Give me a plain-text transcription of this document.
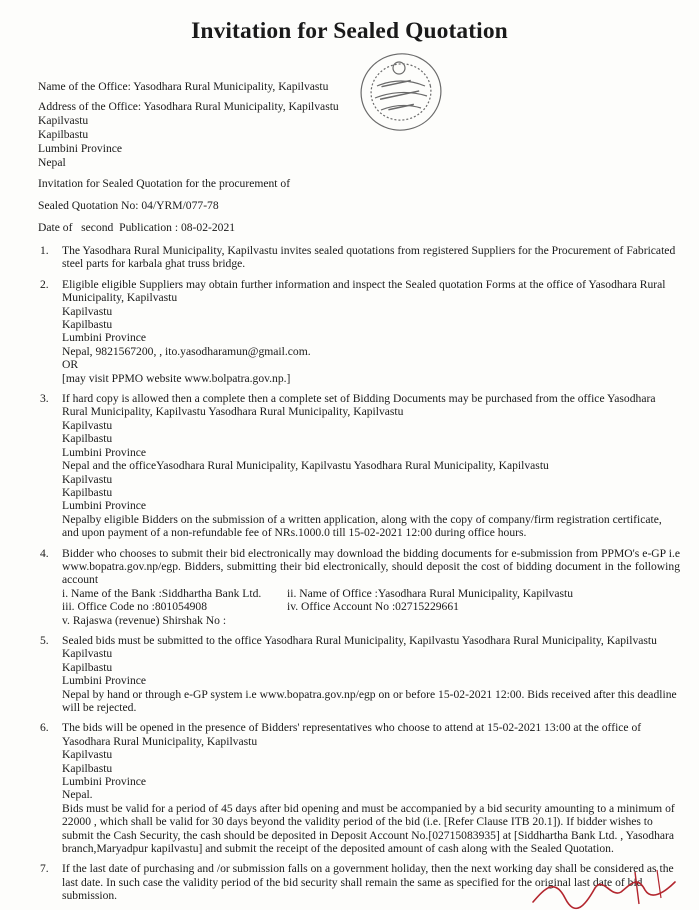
Invitation for Sealed Quotation
Name of the Office: Yasodhara Rural Municipality, Kapilvastu
Address of the Office: Yasodhara Rural Municipality, Kapilvastu
Kapilvastu
Kapilbastu
Lumbini Province
Nepal
Invitation for Sealed Quotation for the procurement of
Sealed Quotation No: 04/YRM/077-78
Date of   second  Publication : 08-02-2021
1.	The Yasodhara Rural Municipality, Kapilvastu invites sealed quotations from registered Suppliers for the Procurement of Fabricated steel parts for karbala ghat truss bridge.
2.	Eligible eligible Suppliers may obtain further information and inspect the Sealed quotation Forms at the office of Yasodhara Rural Municipality, Kapilvastu
Kapilvastu
Kapilbastu
Lumbini Province
Nepal, 9821567200, , ito.yasodharamun@gmail.com.
OR
[may visit PPMO website www.bolpatra.gov.np.]
3.	If hard copy is allowed then a complete then a complete set of Bidding Documents may be purchased from the office Yasodhara Rural Municipality, Kapilvastu Yasodhara Rural Municipality, Kapilvastu
Kapilvastu
Kapilbastu
Lumbini Province
Nepal and the officeYasodhara Rural Municipality, Kapilvastu Yasodhara Rural Municipality, Kapilvastu
Kapilvastu
Kapilbastu
Lumbini Province
Nepalby eligible Bidders on the submission of a written application, along with the copy of company/firm registration certificate, and upon payment of a non-refundable fee of NRs.1000.0 till 15-02-2021 12:00 during office hours.
4.	Bidder who chooses to submit their bid electronically may download the bidding documents for e-submission from PPMO's e-GP i.e www.bopatra.gov.np/egp. Bidders, submitting their bid electronically, should deposit the cost of bidding document in the following account
i. Name of the Bank :Siddhartha Bank Ltd.	ii. Name of Office :Yasodhara Rural Municipality, Kapilvastu
iii. Office Code no :801054908	iv. Office Account No :02715229661
v. Rajaswa (revenue) Shirshak No :
5.	Sealed bids must be submitted to the office Yasodhara Rural Municipality, Kapilvastu Yasodhara Rural Municipality, Kapilvastu
Kapilvastu
Kapilbastu
Lumbini Province
Nepal by hand or through e-GP system i.e www.bopatra.gov.np/egp on or before 15-02-2021 12:00. Bids received after this deadline will be rejected.
6.	The bids will be opened in the presence of Bidders' representatives who choose to attend at 15-02-2021 13:00 at the office of Yasodhara Rural Municipality, Kapilvastu
Kapilvastu
Kapilbastu
Lumbini Province
Nepal.
Bids must be valid for a period of 45 days after bid opening and must be accompanied by a bid security amounting to a minimum of 22000 , which shall be valid for 30 days beyond the validity period of the bid (i.e. [Refer Clause ITB 20.1]). If bidder wishes to submit the Cash Security, the cash should be deposited in Deposit Account No.[02715083935] at [Siddhartha Bank Ltd. , Yasodhara branch,Maryadpur kapilvastu] and submit the receipt of the deposited amount of cash along with the Sealed Quotation.
7.	If the last date of purchasing and /or submission falls on a government holiday, then the next working day shall be considered as the last date. In such case the validity period of the bid security shall remain the same as specified for the original last date of bid submission.
